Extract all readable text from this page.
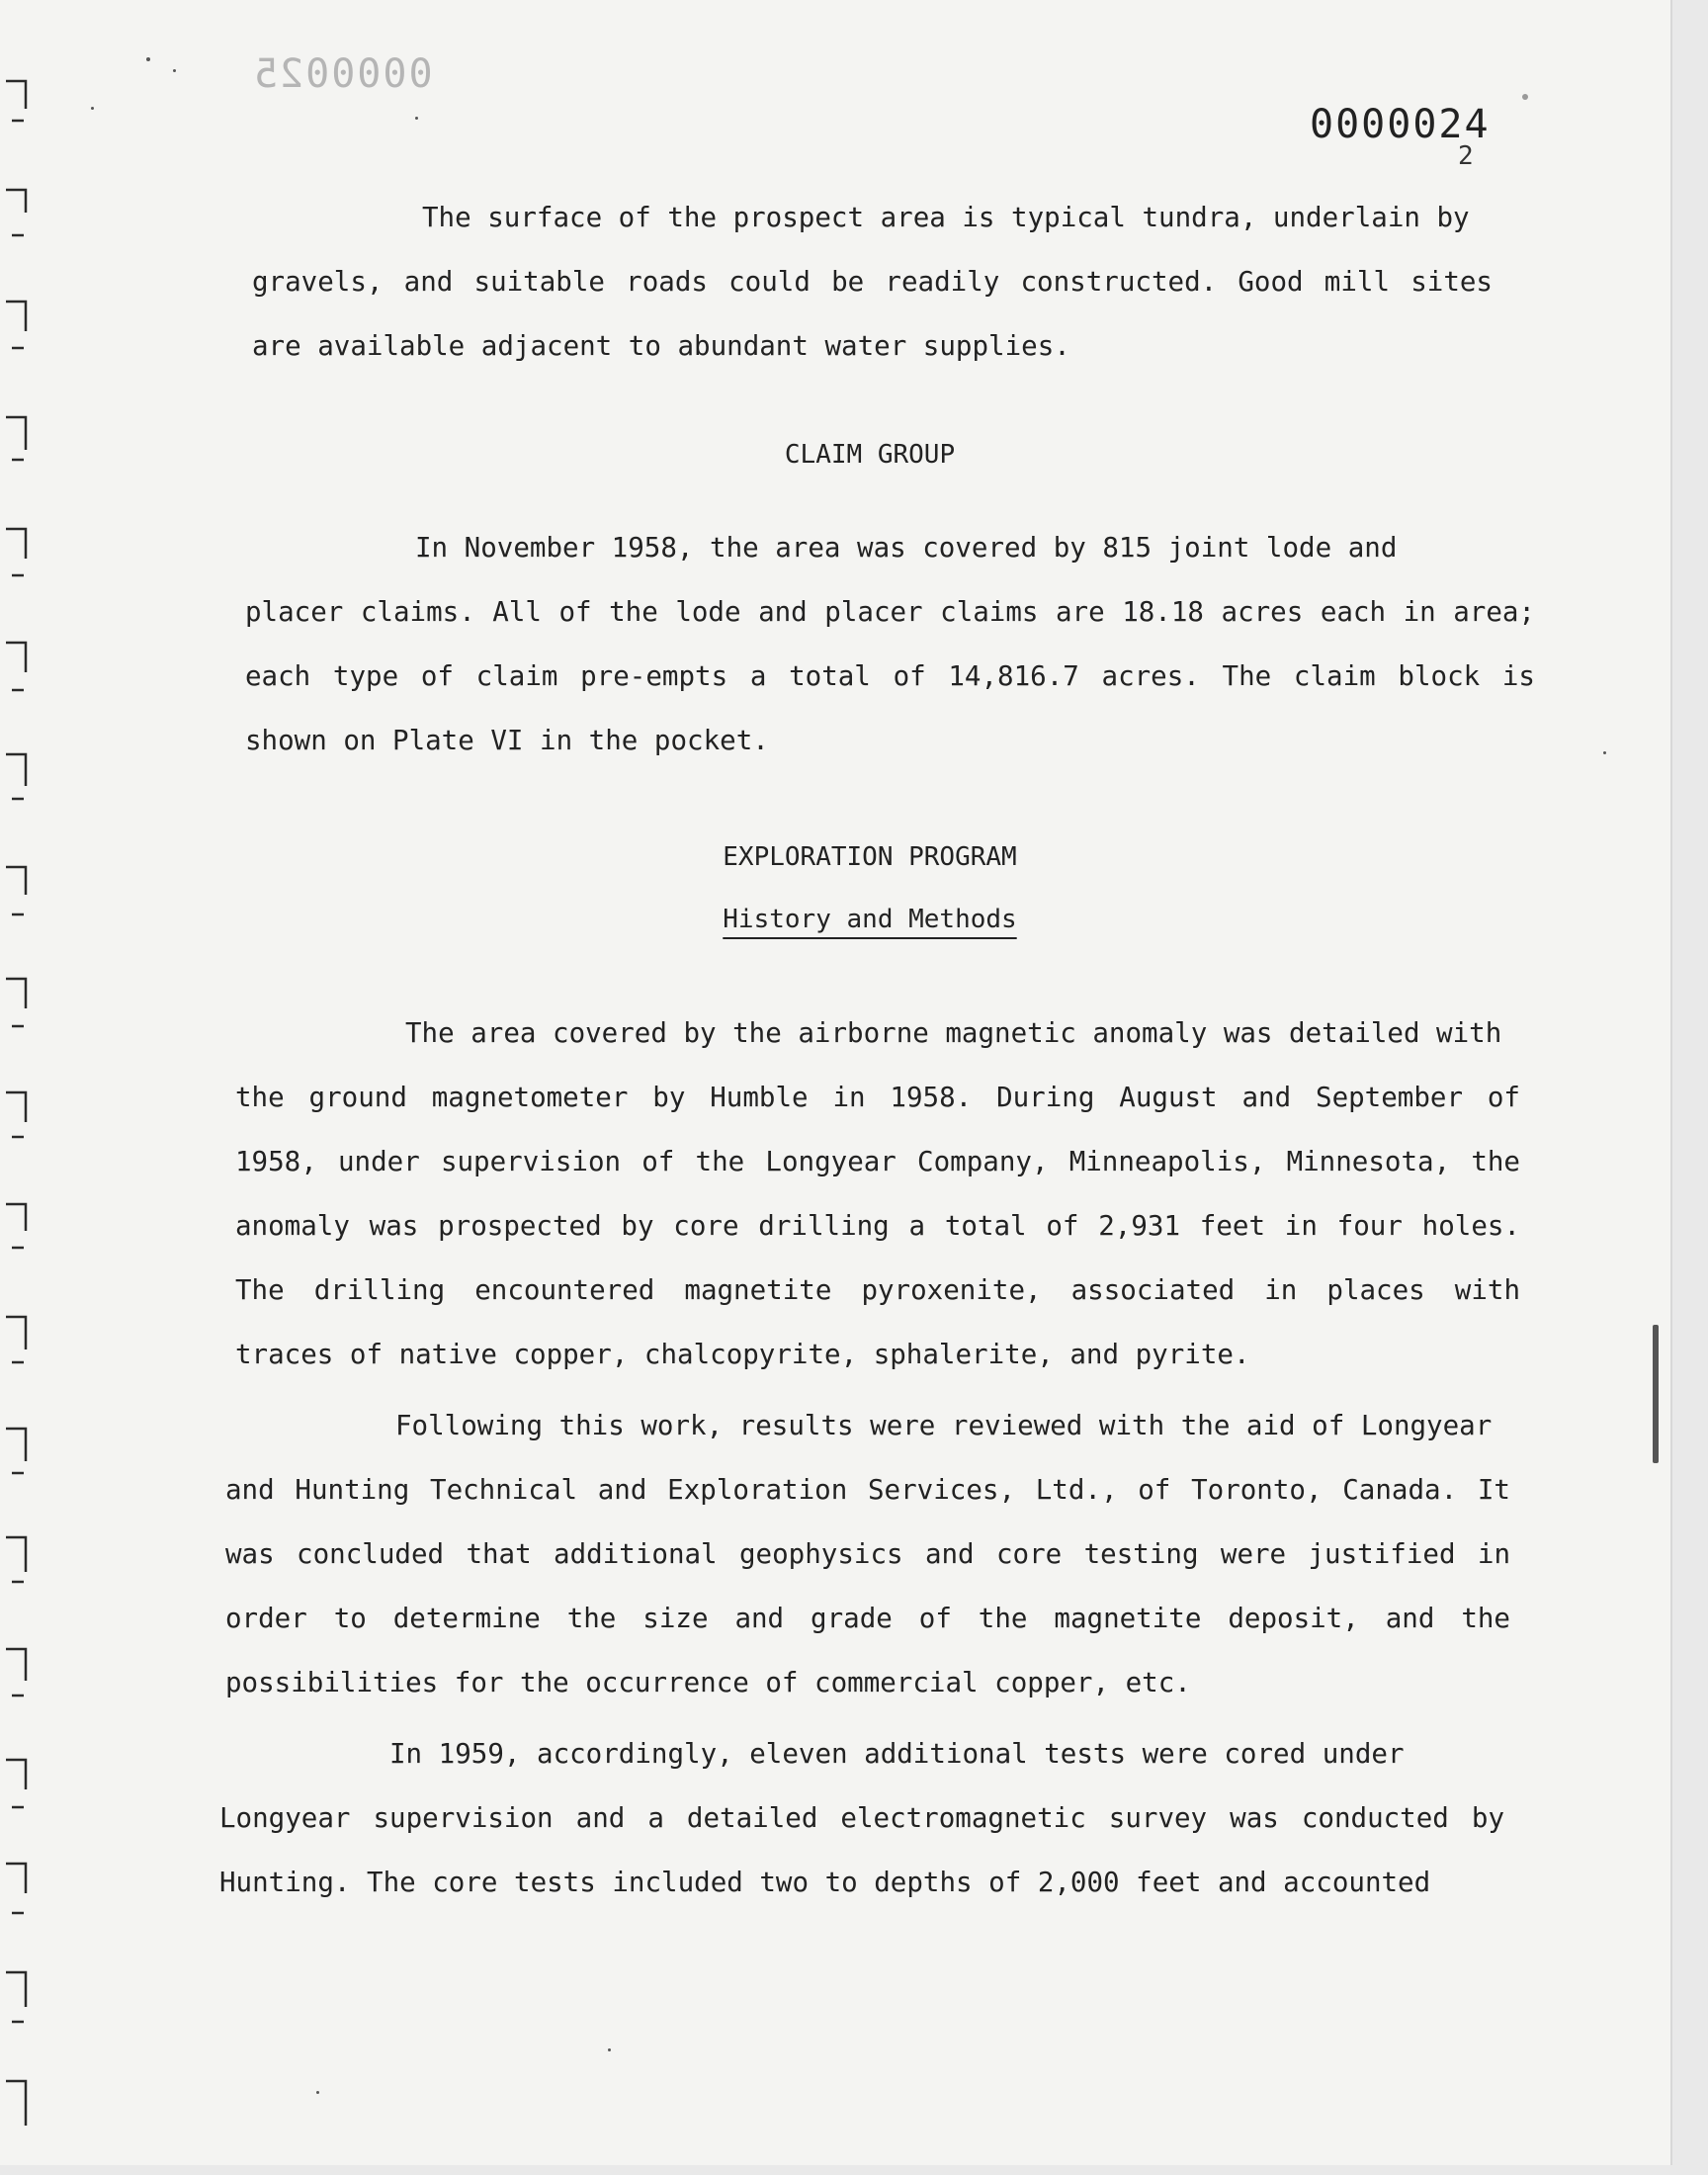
0000025
0000024
2

The surface of the prospect area is typical tundra, underlain by
gravels, and suitable roads could be readily constructed. Good mill sites are available adjacent to abundant water supplies.

CLAIM GROUP

In November 1958, the area was covered by 815 joint lode and
placer claims. All of the lode and placer claims are 18.18 acres each in area; each type of claim pre-empts a total of 14,816.7 acres. The claim block is shown on Plate VI in the pocket.

EXPLORATION PROGRAM
History and Methods

The area covered by the airborne magnetic anomaly was detailed with
the ground magnetometer by Humble in 1958. During August and September of 1958, under supervision of the Longyear Company, Minneapolis, Minnesota, the anomaly was prospected by core drilling a total of 2,931 feet in four holes. The drilling encountered magnetite pyroxenite, associated in places with traces of native copper, chalcopyrite, sphalerite, and pyrite.

Following this work, results were reviewed with the aid of Longyear
and Hunting Technical and Exploration Services, Ltd., of Toronto, Canada. It was concluded that additional geophysics and core testing were justified in order to determine the size and grade of the magnetite deposit, and the possibilities for the occurrence of commercial copper, etc.

In 1959, accordingly, eleven additional tests were cored under
Longyear supervision and a detailed electromagnetic survey was conducted by Hunting. The core tests included two to depths of 2,000 feet and accounted
